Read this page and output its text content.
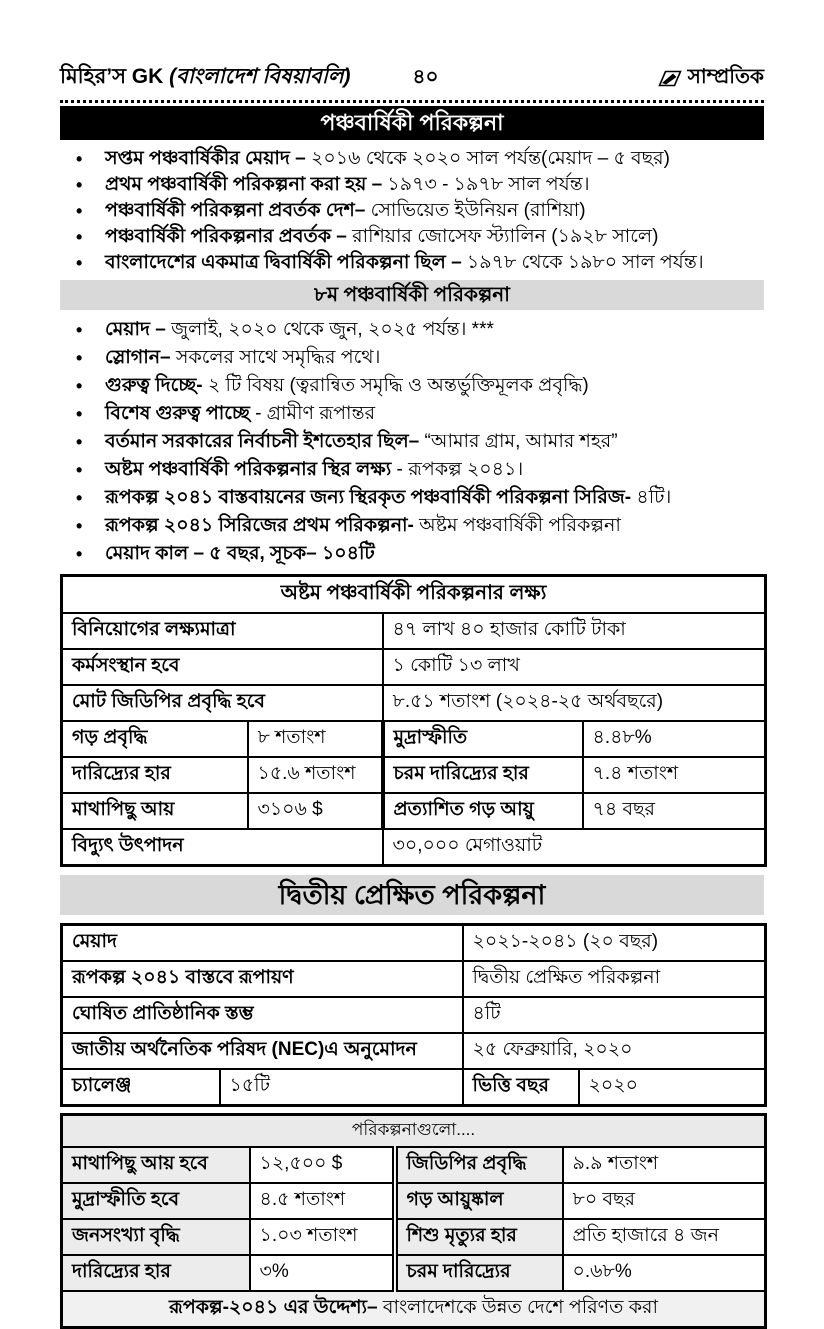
মিহির’স GK (বাংলাদেশ বিষয়াবলি)	৪০	সাম্প্রতিক
পঞ্চবার্ষিকী পরিকল্পনা
• সপ্তম পঞ্চবার্ষিকীর মেয়াদ – ২০১৬ থেকে ২০২০ সাল পর্যন্ত(মেয়াদ – ৫ বছর)
• প্রথম পঞ্চবার্ষিকী পরিকল্পনা করা হয় – ১৯৭৩ - ১৯৭৮ সাল পর্যন্ত।
• পঞ্চবার্ষিকী পরিকল্পনা প্রবর্তক দেশ– সোভিয়েত ইউনিয়ন (রাশিয়া)
• পঞ্চবার্ষিকী পরিকল্পনার প্রবর্তক – রাশিয়ার জোসেফ স্ট্যালিন (১৯২৮ সালে)
• বাংলাদেশের একমাত্র দ্বিবার্ষিকী পরিকল্পনা ছিল – ১৯৭৮ থেকে ১৯৮০ সাল পর্যন্ত।
৮ম পঞ্চবার্ষিকী পরিকল্পনা
• মেয়াদ – জুলাই, ২০২০ থেকে জুন, ২০২৫ পর্যন্ত। ***
• স্লোগান– সকলের সাথে সমৃদ্ধির পথে।
• গুরুত্ব দিচ্ছে- ২ টি বিষয় (ত্বরান্বিত সমৃদ্ধি ও অন্তর্ভুক্তিমূলক প্রবৃদ্ধি)
• বিশেষ গুরুত্ব পাচ্ছে - গ্রামীণ রূপান্তর
• বর্তমান সরকারের নির্বাচনী ইশতেহার ছিল– “আমার গ্রাম, আমার শহর”
• অষ্টম পঞ্চবার্ষিকী পরিকল্পনার স্থির লক্ষ্য - রূপকল্প ২০৪১।
• রূপকল্প ২০৪১ বাস্তবায়নের জন্য স্থিরকৃত পঞ্চবার্ষিকী পরিকল্পনা সিরিজ- ৪টি।
• রূপকল্প ২০৪১ সিরিজের প্রথম পরিকল্পনা- অষ্টম পঞ্চবার্ষিকী পরিকল্পনা
• মেয়াদ কাল – ৫ বছর, সূচক– ১০৪টি
অষ্টম পঞ্চবার্ষিকী পরিকল্পনার লক্ষ্য			
বিনিয়োগের লক্ষ্যমাত্রা		৪৭ লাখ ৪০ হাজার কোটি টাকা	
কর্মসংস্থান হবে		১ কোটি ১৩ লাখ	
মোট জিডিপির প্রবৃদ্ধি হবে		৮.৫১ শতাংশ (২০২৪-২৫ অর্থবছরে)	
গড় প্রবৃদ্ধি	৮ শতাংশ	মুদ্রাস্ফীতি	৪.৪৮%
দারিদ্র্যের হার	১৫.৬ শতাংশ	চরম দারিদ্র্যের হার	৭.৪ শতাংশ
মাথাপিছু আয়	৩১০৬ $	প্রত্যাশিত গড় আয়ু	৭৪ বছর
বিদ্যুৎ উৎপাদন		৩০,০০০ মেগাওয়াট	
দ্বিতীয় প্রেক্ষিত পরিকল্পনা
মেয়াদ		২০২১-২০৪১ (২০ বছর)	
রূপকল্প ২০৪১ বাস্তবে রূপায়ণ		দ্বিতীয় প্রেক্ষিত পরিকল্পনা	
ঘোষিত প্রাতিষ্ঠানিক স্তম্ভ		৪টি	
জাতীয় অর্থনৈতিক পরিষদ (NEC)এ অনুমোদন		২৫ ফেব্রুয়ারি, ২০২০	
চ্যালেঞ্জ	১৫টি	ভিত্তি বছর	২০২০
পরিকল্পনাগুলো....			
মাথাপিছু আয় হবে	১২,৫০০ $	জিডিপির প্রবৃদ্ধি	৯.৯ শতাংশ
মুদ্রাস্ফীতি হবে	৪.৫ শতাংশ	গড় আয়ুষ্কাল	৮০ বছর
জনসংখ্যা বৃদ্ধি	১.০৩ শতাংশ	শিশু মৃত্যুর হার	প্রতি হাজারে ৪ জন
দারিদ্র্যের হার	৩%	চরম দারিদ্র্যের	০.৬৮%
রূপকল্প-২০৪১ এর উদ্দেশ্য– বাংলাদেশকে উন্নত দেশে পরিণত করা			
